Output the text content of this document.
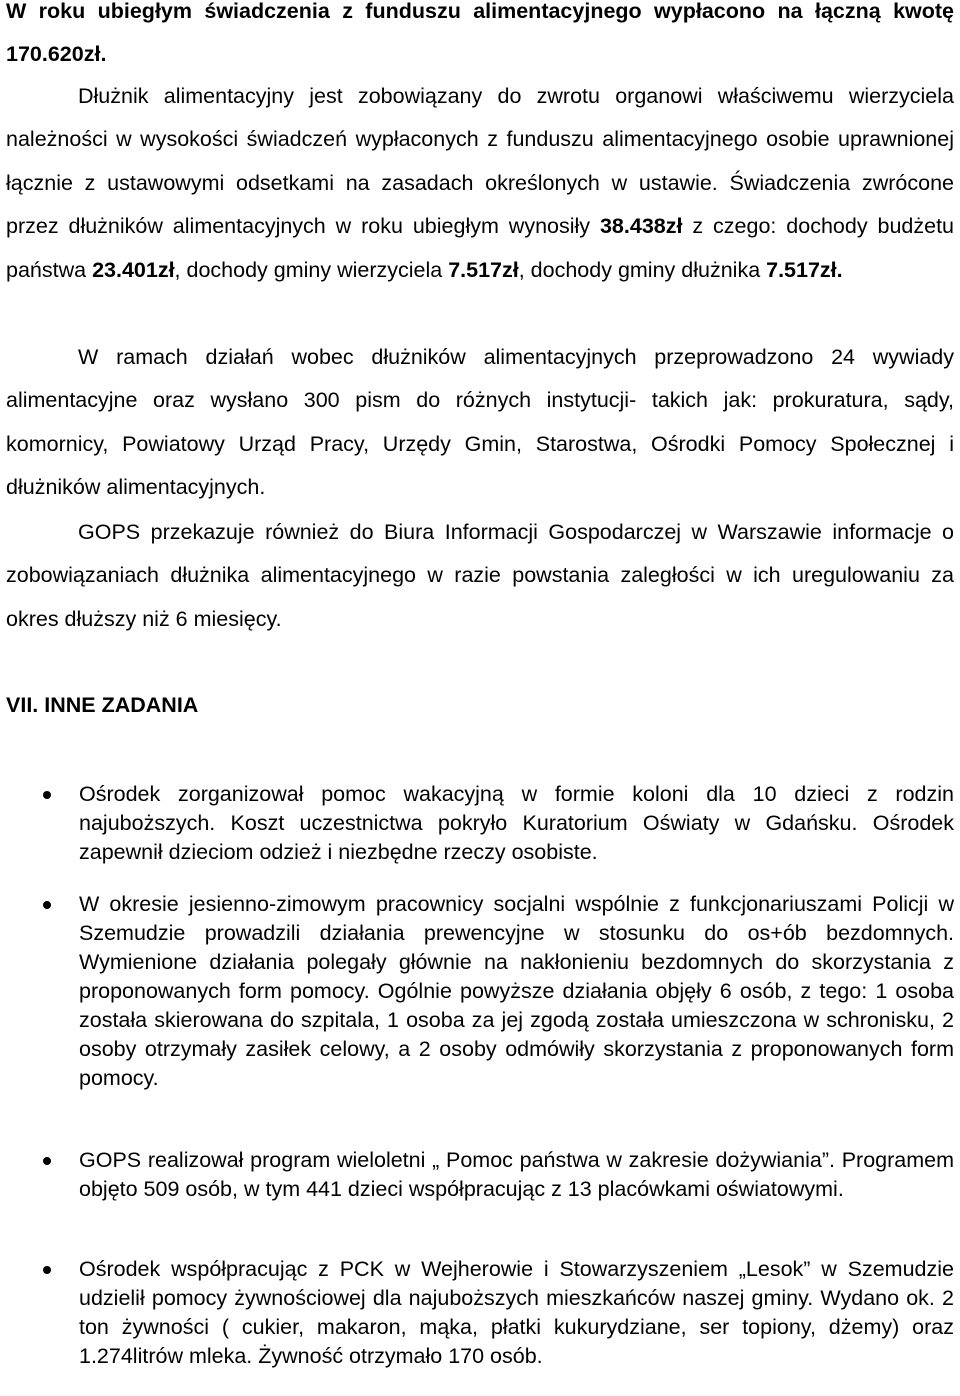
W roku ubiegłym świadczenia z funduszu alimentacyjnego wypłacono na łączną kwotę 170.620zł.

Dłużnik alimentacyjny jest zobowiązany do zwrotu organowi właściwemu wierzyciela należności w wysokości świadczeń wypłaconych z funduszu alimentacyjnego osobie uprawnionej łącznie z ustawowymi odsetkami na zasadach określonych w ustawie. Świadczenia zwrócone przez dłużników alimentacyjnych w roku ubiegłym wynosiły 38.438zł z czego: dochody budżetu państwa 23.401zł, dochody gminy wierzyciela 7.517zł, dochody gminy dłużnika 7.517zł.

W ramach działań wobec dłużników alimentacyjnych przeprowadzono 24 wywiady alimentacyjne oraz wysłano 300 pism do różnych instytucji- takich jak: prokuratura, sądy, komornicy, Powiatowy Urząd Pracy, Urzędy Gmin, Starostwa, Ośrodki Pomocy Społecznej i dłużników alimentacyjnych.

GOPS przekazuje również do Biura Informacji Gospodarczej w Warszawie informacje o zobowiązaniach dłużnika alimentacyjnego w razie powstania zaległości w ich uregulowaniu za okres dłuższy niż 6 miesięcy.

VII. INNE ZADANIA
Ośrodek zorganizował pomoc wakacyjną w formie koloni dla 10 dzieci z rodzin najuboższych. Koszt uczestnictwa pokryło Kuratorium Oświaty w Gdańsku. Ośrodek zapewnił dzieciom odzież i niezbędne rzeczy osobiste.
W okresie jesienno-zimowym pracownicy socjalni wspólnie z funkcjonariuszami Policji w Szemudzie prowadzili działania prewencyjne w stosunku do os+ób bezdomnych. Wymienione działania polegały głównie na nakłonieniu bezdomnych do skorzystania z proponowanych form pomocy. Ogólnie powyższe działania objęły 6 osób, z tego: 1 osoba została skierowana do szpitala, 1 osoba za jej zgodą została umieszczona w schronisku, 2 osoby otrzymały zasiłek celowy, a 2 osoby odmówiły skorzystania z proponowanych form pomocy.
GOPS realizował program wieloletni „ Pomoc państwa w zakresie dożywiania”. Programem objęto 509 osób, w tym 441 dzieci współpracując z 13 placówkami oświatowymi.
Ośrodek współpracując z PCK w Wejherowie i Stowarzyszeniem „Lesok” w Szemudzie udzielił pomocy żywnościowej dla najuboższych mieszkańców naszej gminy. Wydano ok. 2 ton żywności ( cukier, makaron, mąka, płatki kukurydziane, ser topiony, dżemy) oraz 1.274litrów mleka. Żywność otrzymało 170 osób.
